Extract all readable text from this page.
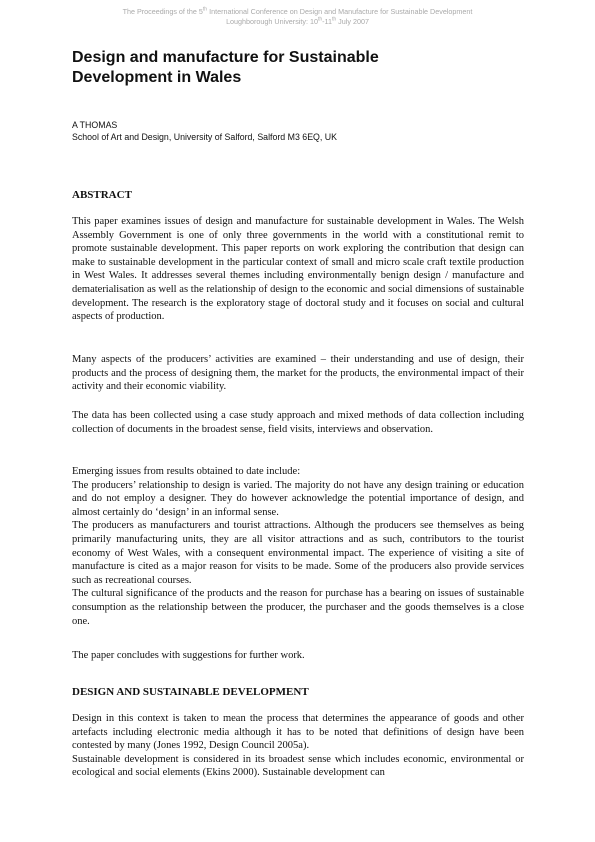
The Proceedings of the 5th International Conference on Design and Manufacture for Sustainable Development
Loughborough University: 10th-11th July 2007
Design and manufacture for Sustainable
Development in Wales
A THOMAS
School of Art and Design, University of Salford, Salford M3 6EQ, UK
ABSTRACT
This paper examines issues of design and manufacture for sustainable development in Wales. The Welsh Assembly Government is one of only three governments in the world with a constitutional remit to promote sustainable development. This paper reports on work exploring the contribution that design can make to sustainable development in the particular context of small and micro scale craft textile production in West Wales. It addresses several themes including environmentally benign design / manufacture and dematerialisation as well as the relationship of design to the economic and social dimensions of sustainable development. The research is the exploratory stage of doctoral study and it focuses on social and cultural aspects of production.
Many aspects of the producers’ activities are examined – their understanding and use of design, their products and the process of designing them, the market for the products, the environmental impact of their activity and their economic viability.
The data has been collected using a case study approach and mixed methods of data collection including collection of documents in the broadest sense, field visits, interviews and observation.

Emerging issues from results obtained to date include:

The producers’ relationship to design is varied. The majority do not have any design training or education and do not employ a designer. They do however acknowledge the potential importance of design, and almost certainly do ‘design’ in an informal sense.

The producers as manufacturers and tourist attractions. Although the producers see themselves as being primarily manufacturing units, they are all visitor attractions and as such, contributors to the tourist economy of West Wales, with a consequent environmental impact. The experience of visiting a site of manufacture is cited as a major reason for visits to be made. Some of the producers also provide services such as recreational courses.

The cultural significance of the products and the reason for purchase has a bearing on issues of sustainable consumption as the relationship between the producer, the purchaser and the goods themselves is a close one.

The paper concludes with suggestions for further work.
DESIGN AND SUSTAINABLE DEVELOPMENT

Design in this context is taken to mean the process that determines the appearance of goods and other artefacts including electronic media although it has to be noted that definitions of design have been contested by many (Jones 1992, Design Council 2005a).

Sustainable development is considered in its broadest sense which includes economic, environmental or ecological and social elements (Ekins 2000). Sustainable development can
